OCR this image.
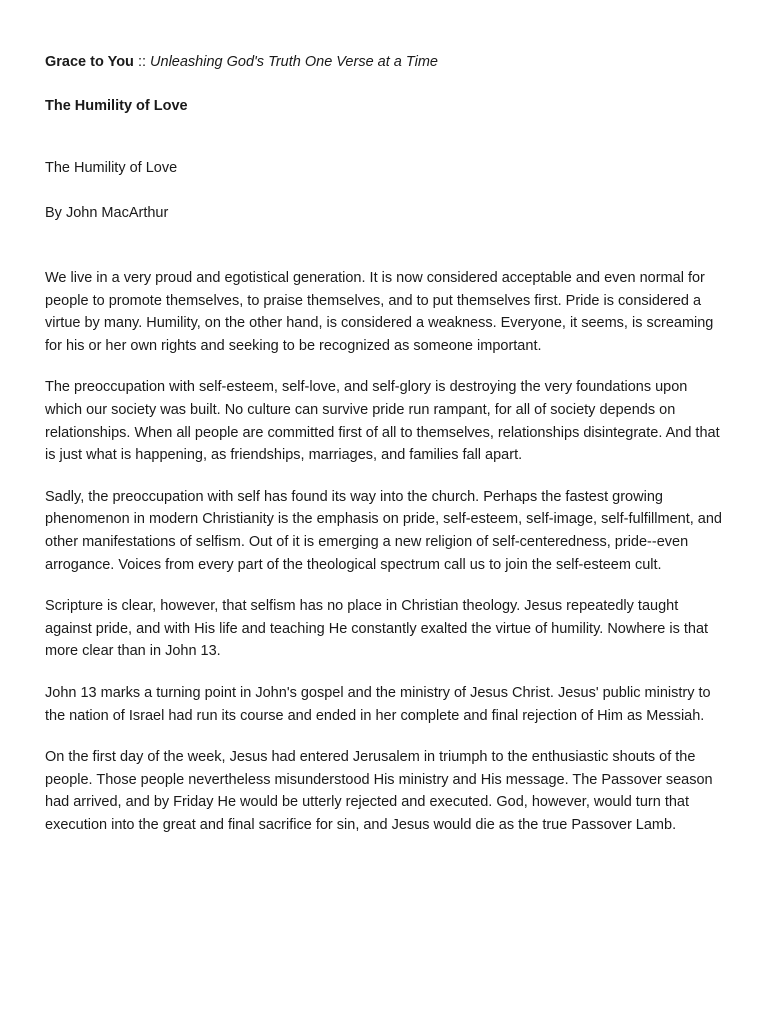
Grace to You :: Unleashing God's Truth One Verse at a Time

The Humility of Love

The Humility of Love

By John MacArthur

We live in a very proud and egotistical generation. It is now considered acceptable and even normal for people to promote themselves, to praise themselves, and to put themselves first. Pride is considered a virtue by many. Humility, on the other hand, is considered a weakness. Everyone, it seems, is screaming for his or her own rights and seeking to be recognized as someone important.

The preoccupation with self-esteem, self-love, and self-glory is destroying the very foundations upon which our society was built. No culture can survive pride run rampant, for all of society depends on relationships. When all people are committed first of all to themselves, relationships disintegrate. And that is just what is happening, as friendships, marriages, and families fall apart.

Sadly, the preoccupation with self has found its way into the church. Perhaps the fastest growing phenomenon in modern Christianity is the emphasis on pride, self-esteem, self-image, self-fulfillment, and other manifestations of selfism. Out of it is emerging a new religion of self-centeredness, pride--even arrogance. Voices from every part of the theological spectrum call us to join the self-esteem cult.

Scripture is clear, however, that selfism has no place in Christian theology. Jesus repeatedly taught against pride, and with His life and teaching He constantly exalted the virtue of humility. Nowhere is that more clear than in John 13.

John 13 marks a turning point in John's gospel and the ministry of Jesus Christ. Jesus' public ministry to the nation of Israel had run its course and ended in her complete and final rejection of Him as Messiah.

On the first day of the week, Jesus had entered Jerusalem in triumph to the enthusiastic shouts of the people. Those people nevertheless misunderstood His ministry and His message. The Passover season had arrived, and by Friday He would be utterly rejected and executed. God, however, would turn that execution into the great and final sacrifice for sin, and Jesus would die as the true Passover Lamb.
